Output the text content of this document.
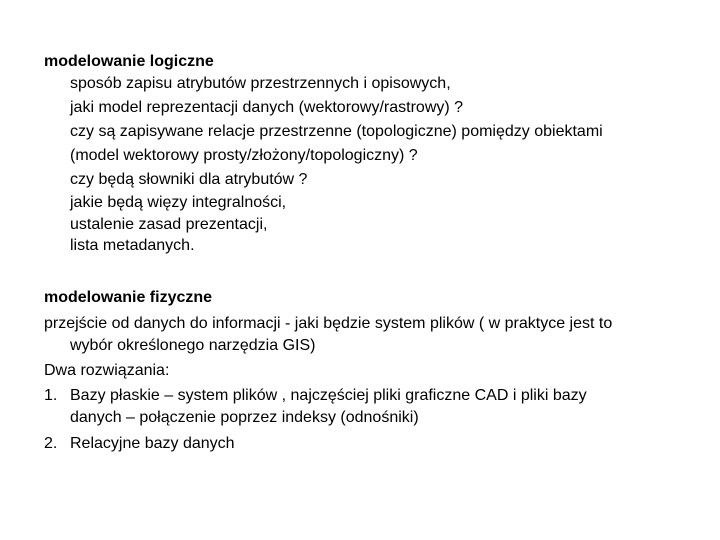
modelowanie logiczne
sposób zapisu atrybutów przestrzennych i opisowych,
jaki model reprezentacji danych (wektorowy/rastrowy) ?
czy są zapisywane relacje przestrzenne (topologiczne) pomiędzy obiektami
(model wektorowy prosty/złożony/topologiczny) ?
czy będą słowniki dla atrybutów ?
jakie będą więzy integralności,
ustalenie zasad prezentacji,
lista metadanych.
modelowanie fizyczne
przejście od danych do informacji - jaki będzie system plików ( w praktyce jest to
wybór określonego narzędzia GIS)
Dwa rozwiązania:
1. Bazy płaskie – system plików , najczęściej pliki graficzne CAD i pliki bazy
danych – połączenie poprzez indeksy (odnośniki)
2. Relacyjne bazy danych
